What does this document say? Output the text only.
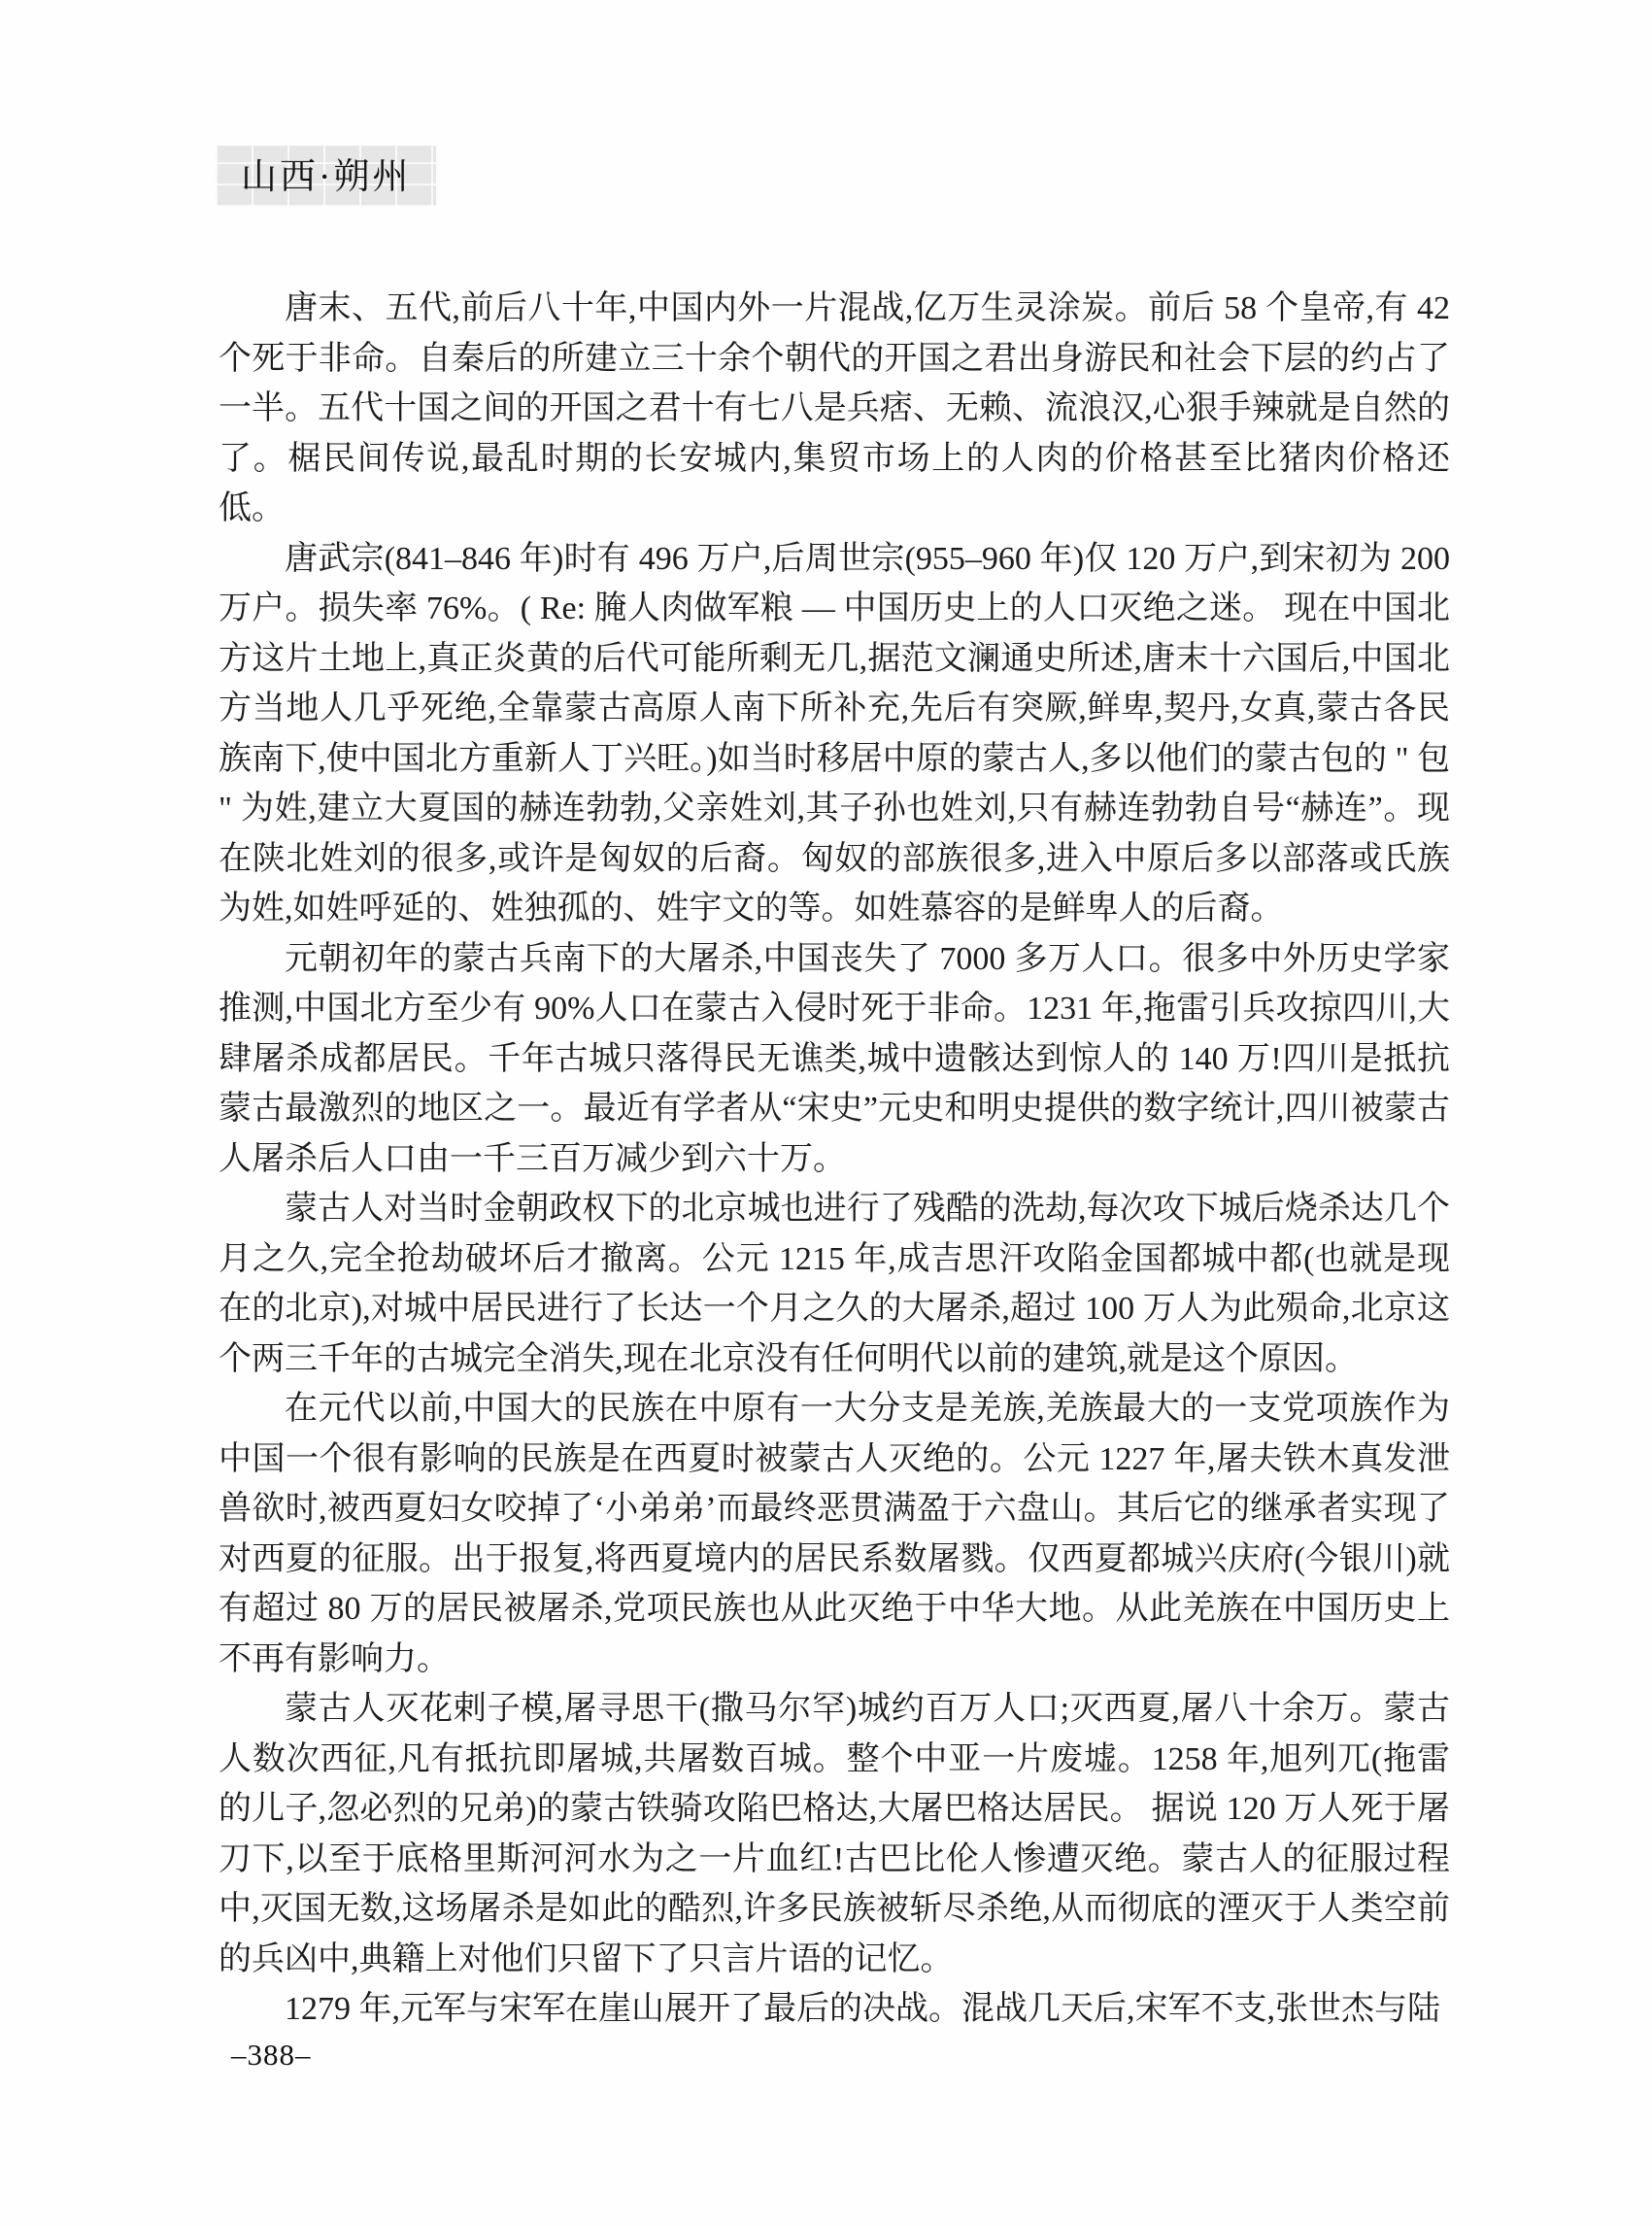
山西·朔州

唐末、五代,前后八十年,中国内外一片混战,亿万生灵涂炭。前后 58 个皇帝,有 42 个死于非命。自秦后的所建立三十余个朝代的开国之君出身游民和社会下层的约占了一半。五代十国之间的开国之君十有七八是兵痞、无赖、流浪汉,心狠手辣就是自然的了。椐民间传说,最乱时期的长安城内,集贸市场上的人肉的价格甚至比猪肉价格还低。

唐武宗(841–846 年)时有 496 万户,后周世宗(955–960 年)仅 120 万户,到宋初为 200 万户。损失率 76%。( Re: 腌人肉做军粮 –– 中国历史上的人口灭绝之迷。 现在中国北方这片土地上,真正炎黄的后代可能所剩无几,据范文澜通史所述,唐末十六国后,中国北方当地人几乎死绝,全靠蒙古高原人南下所补充,先后有突厥,鲜卑,契丹,女真,蒙古各民族南下,使中国北方重新人丁兴旺。)如当时移居中原的蒙古人,多以他们的蒙古包的 " 包 " 为姓,建立大夏国的赫连勃勃,父亲姓刘,其子孙也姓刘,只有赫连勃勃自号“赫连”。现在陕北姓刘的很多,或许是匈奴的后裔。匈奴的部族很多,进入中原后多以部落或氏族为姓,如姓呼延的、姓独孤的、姓宇文的等。如姓慕容的是鲜卑人的后裔。

元朝初年的蒙古兵南下的大屠杀,中国丧失了 7000 多万人口。很多中外历史学家推测,中国北方至少有 90%人口在蒙古入侵时死于非命。1231 年,拖雷引兵攻掠四川,大肆屠杀成都居民。千年古城只落得民无谯类,城中遗骸达到惊人的 140 万!四川是抵抗蒙古最激烈的地区之一。最近有学者从“宋史”元史和明史提供的数字统计,四川被蒙古人屠杀后人口由一千三百万减少到六十万。

蒙古人对当时金朝政权下的北京城也进行了残酷的洗劫,每次攻下城后烧杀达几个月之久,完全抢劫破坏后才撤离。公元 1215 年,成吉思汗攻陷金国都城中都(也就是现在的北京),对城中居民进行了长达一个月之久的大屠杀,超过 100 万人为此殒命,北京这个两三千年的古城完全消失,现在北京没有任何明代以前的建筑,就是这个原因。

在元代以前,中国大的民族在中原有一大分支是羌族,羌族最大的一支党项族作为中国一个很有影响的民族是在西夏时被蒙古人灭绝的。公元 1227 年,屠夫铁木真发泄兽欲时,被西夏妇女咬掉了‘小弟弟’而最终恶贯满盈于六盘山。其后它的继承者实现了对西夏的征服。出于报复,将西夏境内的居民系数屠戮。仅西夏都城兴庆府(今银川)就有超过 80 万的居民被屠杀,党项民族也从此灭绝于中华大地。从此羌族在中国历史上不再有影响力。

蒙古人灭花剌子模,屠寻思干(撒马尔罕)城约百万人口;灭西夏,屠八十余万。蒙古人数次西征,凡有抵抗即屠城,共屠数百城。整个中亚一片废墟。1258 年,旭列兀(拖雷的儿子,忽必烈的兄弟)的蒙古铁骑攻陷巴格达,大屠巴格达居民。 据说 120 万人死于屠刀下,以至于底格里斯河河水为之一片血红!古巴比伦人惨遭灭绝。蒙古人的征服过程中,灭国无数,这场屠杀是如此的酷烈,许多民族被斩尽杀绝,从而彻底的湮灭于人类空前的兵凶中,典籍上对他们只留下了只言片语的记忆。

1279 年,元军与宋军在崖山展开了最后的决战。混战几天后,宋军不支,张世杰与陆

–388–
